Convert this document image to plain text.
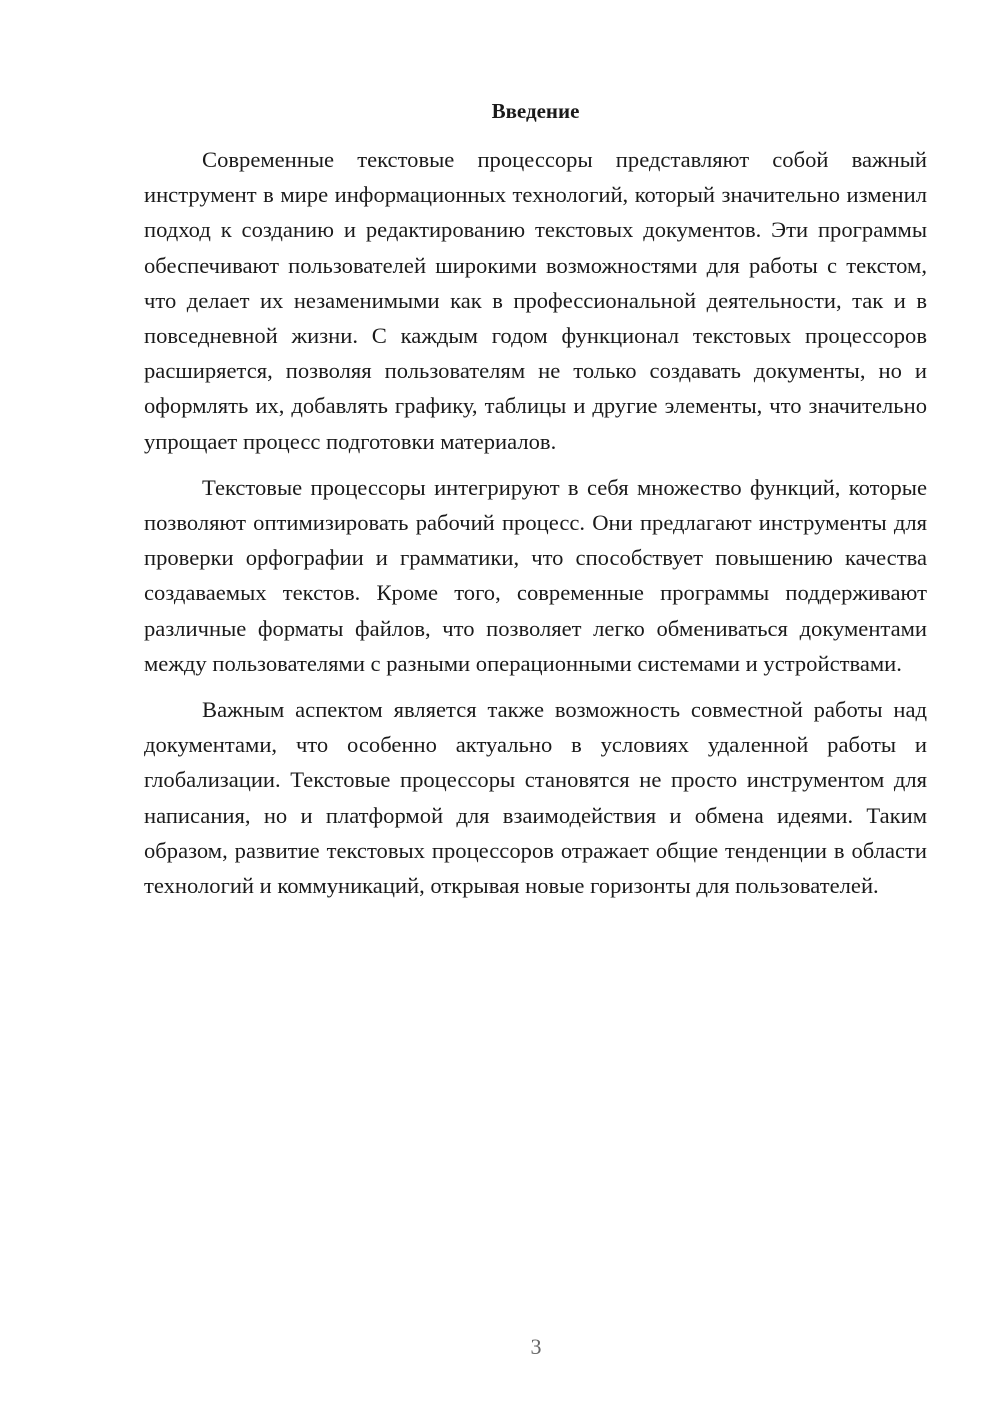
Введение

Современные текстовые процессоры представляют собой важный инструмент в мире информационных технологий, который значительно изменил подход к созданию и редактированию текстовых документов. Эти программы обеспечивают пользователей широкими возможностями для работы с текстом, что делает их незаменимыми как в профессиональной деятельности, так и в повседневной жизни. С каждым годом функционал текстовых процессоров расширяется, позволяя пользователям не только создавать документы, но и оформлять их, добавлять графику, таблицы и другие элементы, что значительно упрощает процесс подготовки материалов.

Текстовые процессоры интегрируют в себя множество функций, которые позволяют оптимизировать рабочий процесс. Они предлагают инструменты для проверки орфографии и грамматики, что способствует повышению качества создаваемых текстов. Кроме того, современные программы поддерживают различные форматы файлов, что позволяет легко обмениваться документами между пользователями с разными операционными системами и устройствами.

Важным аспектом является также возможность совместной работы над документами, что особенно актуально в условиях удаленной работы и глобализации. Текстовые процессоры становятся не просто инструментом для написания, но и платформой для взаимодействия и обмена идеями. Таким образом, развитие текстовых процессоров отражает общие тенденции в области технологий и коммуникаций, открывая новые горизонты для пользователей.

3
